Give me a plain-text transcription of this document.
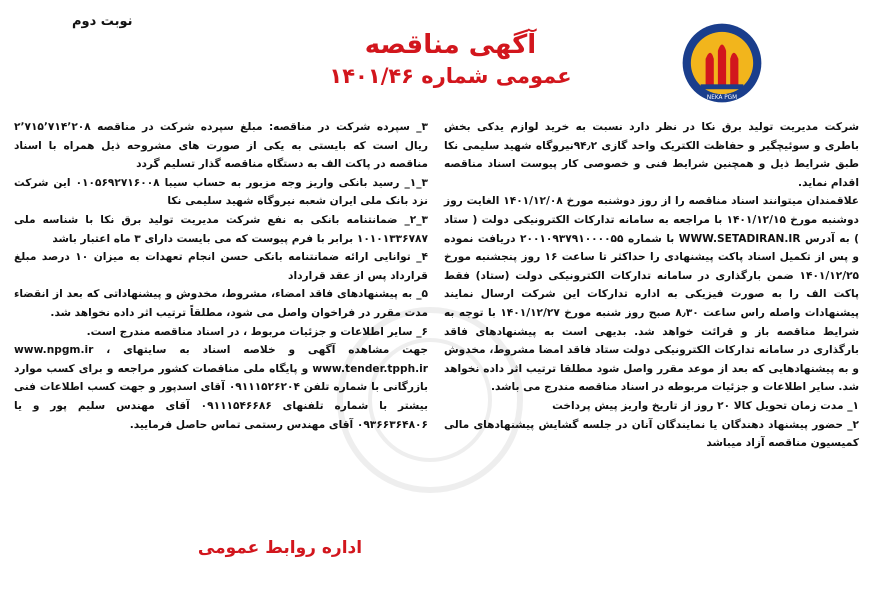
نوبت دوم
NEKA PGM
آگهی مناقصه
عمومی شماره ۱۴۰۱/۴۶

شرکت مدیریت تولید برق نکا در نظر دارد نسبت به خرید لوازم یدکی بخش باطری و سوئیچگیر و حفاظت الکتریک واحد گازی ۹۴٫۲نیروگاه شهید سلیمی نکا طبق شرایط ذیل و همچنین شرایط فنی و خصوصی کار پیوست اسناد مناقصه اقدام نماید.

علاقمندان میتوانند اسناد مناقصه را از روز دوشنبه مورخ ۱۴۰۱/۱۲/۰۸ الغایت روز دوشنبه مورخ ۱۴۰۱/۱۲/۱۵ با مراجعه به سامانه تدارکات الکترونیکی دولت ( ستاد ) به آدرس WWW.SETADIRAN.IR با شماره ۲۰۰۱۰۹۳۷۹۱۰۰۰۰۵۵ دریافت نموده و پس از تکمیل اسناد پاکت پیشنهادی را حداکثر تا ساعت ۱۶ روز پنجشنبه مورخ ۱۴۰۱/۱۲/۲۵ ضمن بارگذاری در سامانه تدارکات الکترونیکی دولت (ستاد) فقط پاکت الف را به صورت فیزیکی به اداره تدارکات این شرکت ارسال نمایند پیشنهادات واصله راس ساعت ۸٫۳۰ صبح روز شنبه مورخ ۱۴۰۱/۱۲/۲۷ با توجه به شرایط مناقصه باز و قرائت خواهد شد. بدیهی است به پیشنهادهای فاقد بارگذاری در سامانه تدارکات الکترونیکی دولت ستاد فاقد امضا مشروط، مخدوش و به پیشنهادهایی که بعد از موعد مقرر واصل شود مطلقا ترتیب اثر داده نخواهد شد. سایر اطلاعات و جزئیات مربوطه در اسناد مناقصه مندرج می باشد.

۱_ مدت زمان تحویل کالا ۲۰ روز از تاریخ واریز پیش پرداخت

۲_ حضور پیشنهاد دهندگان یا نمایندگان آنان در جلسه گشایش پیشنهادهای مالی کمیسیون مناقصه آزاد میباشد

۳_ سپرده شرکت در مناقصه: مبلغ سپرده شرکت در مناقصه ۲٬۷۱۵٬۷۱۴٬۲۰۸ ریال است که بایستی به یکی از صورت های مشروحه ذیل همراه با اسناد مناقصه در پاکت الف به دستگاه مناقصه گذار تسلیم گردد

۳_۱_ رسید بانکی واریز وجه مزبور به حساب سیبا ۰۱۰۵۶۹۲۷۱۶۰۰۸ این شرکت نزد بانک ملی ایران شعبه نیروگاه شهید سلیمی نکا

۳_۲_ ضمانتنامه بانکی به نفع شرکت مدیریت تولید برق نکا با شناسه ملی ۱۰۱۰۱۳۳۶۷۸۷ برابر با فرم پیوست که می بایست دارای ۳ ماه اعتبار باشد

۴_ توانایی ارائه ضمانتنامه بانکی حسن انجام تعهدات به میزان ۱۰ درصد مبلغ قرارداد پس از عقد قرارداد

۵_ به پیشنهادهای فاقد امضاء، مشروط، مخدوش و پیشنهاداتی که بعد از انقضاء مدت مقرر در فراخوان واصل می شود، مطلقاً ترتیب اثر داده نخواهد شد.

۶_ سایر اطلاعات و جزئیات مربوط ، در اسناد مناقصه مندرج است.

جهت مشاهده آگهی و خلاصه اسناد به سایتهای www.npgm.ir ، www.tender.tpph.ir و پایگاه ملی مناقصات کشور مراجعه و برای کسب موارد بازرگانی با شماره تلفن ۰۹۱۱۱۵۲۶۲۰۴ آقای اسدپور و جهت کسب اطلاعات فنی بیشتر با شماره تلفنهای ۰۹۱۱۱۵۴۶۶۸۶ آقای مهندس سلیم پور و یا ۰۹۳۶۶۳۶۴۸۰۶ آقای مهندس رستمی تماس حاصل فرمایید.

اداره روابط عمومی
